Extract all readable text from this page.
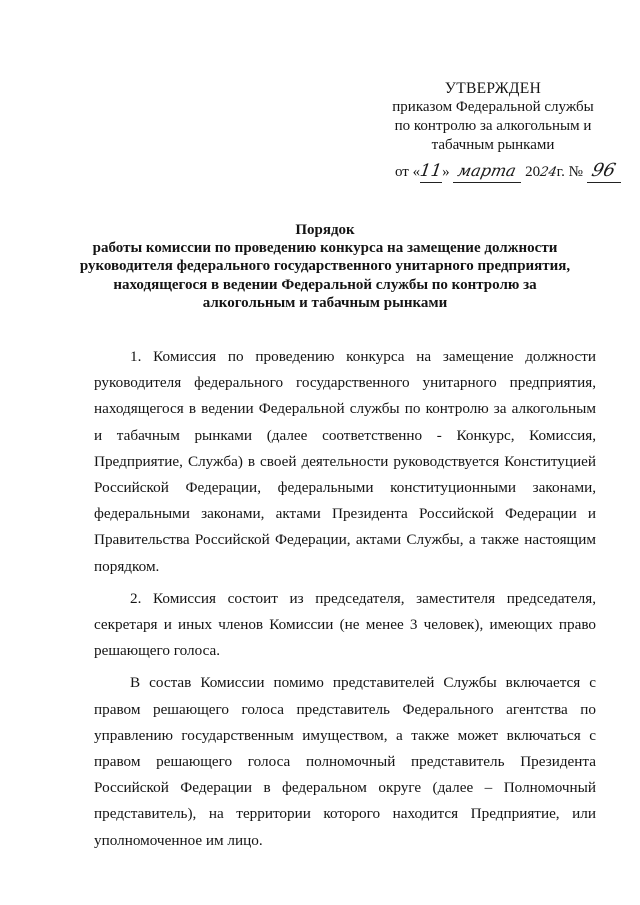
УТВЕРЖДЕН
приказом Федеральной службы
по контролю за алкогольным и
табачным рынками
от «11» марта 2024г. № 96
Порядок
работы комиссии по проведению конкурса на замещение должности
руководителя федерального государственного унитарного предприятия,
находящегося в ведении Федеральной службы по контролю за
алкогольным и табачным рынками

1. Комиссия по проведению конкурса на замещение должности руководителя федерального государственного унитарного предприятия, находящегося в ведении Федеральной службы по контролю за алкогольным и табачным рынками (далее соответственно - Конкурс, Комиссия, Предприятие, Служба) в своей деятельности руководствуется Конституцией Российской Федерации, федеральными конституционными законами, федеральными законами, актами Президента Российской Федерации и Правительства Российской Федерации, актами Службы, а также настоящим порядком.

2. Комиссия состоит из председателя, заместителя председателя, секретаря и иных членов Комиссии (не менее 3 человек), имеющих право решающего голоса.

В состав Комиссии помимо представителей Службы включается с правом решающего голоса представитель Федерального агентства по управлению государственным имуществом, а также может включаться с правом решающего голоса полномочный представитель Президента Российской Федерации в федеральном округе (далее – Полномочный представитель), на территории которого находится Предприятие, или уполномоченное им лицо.
